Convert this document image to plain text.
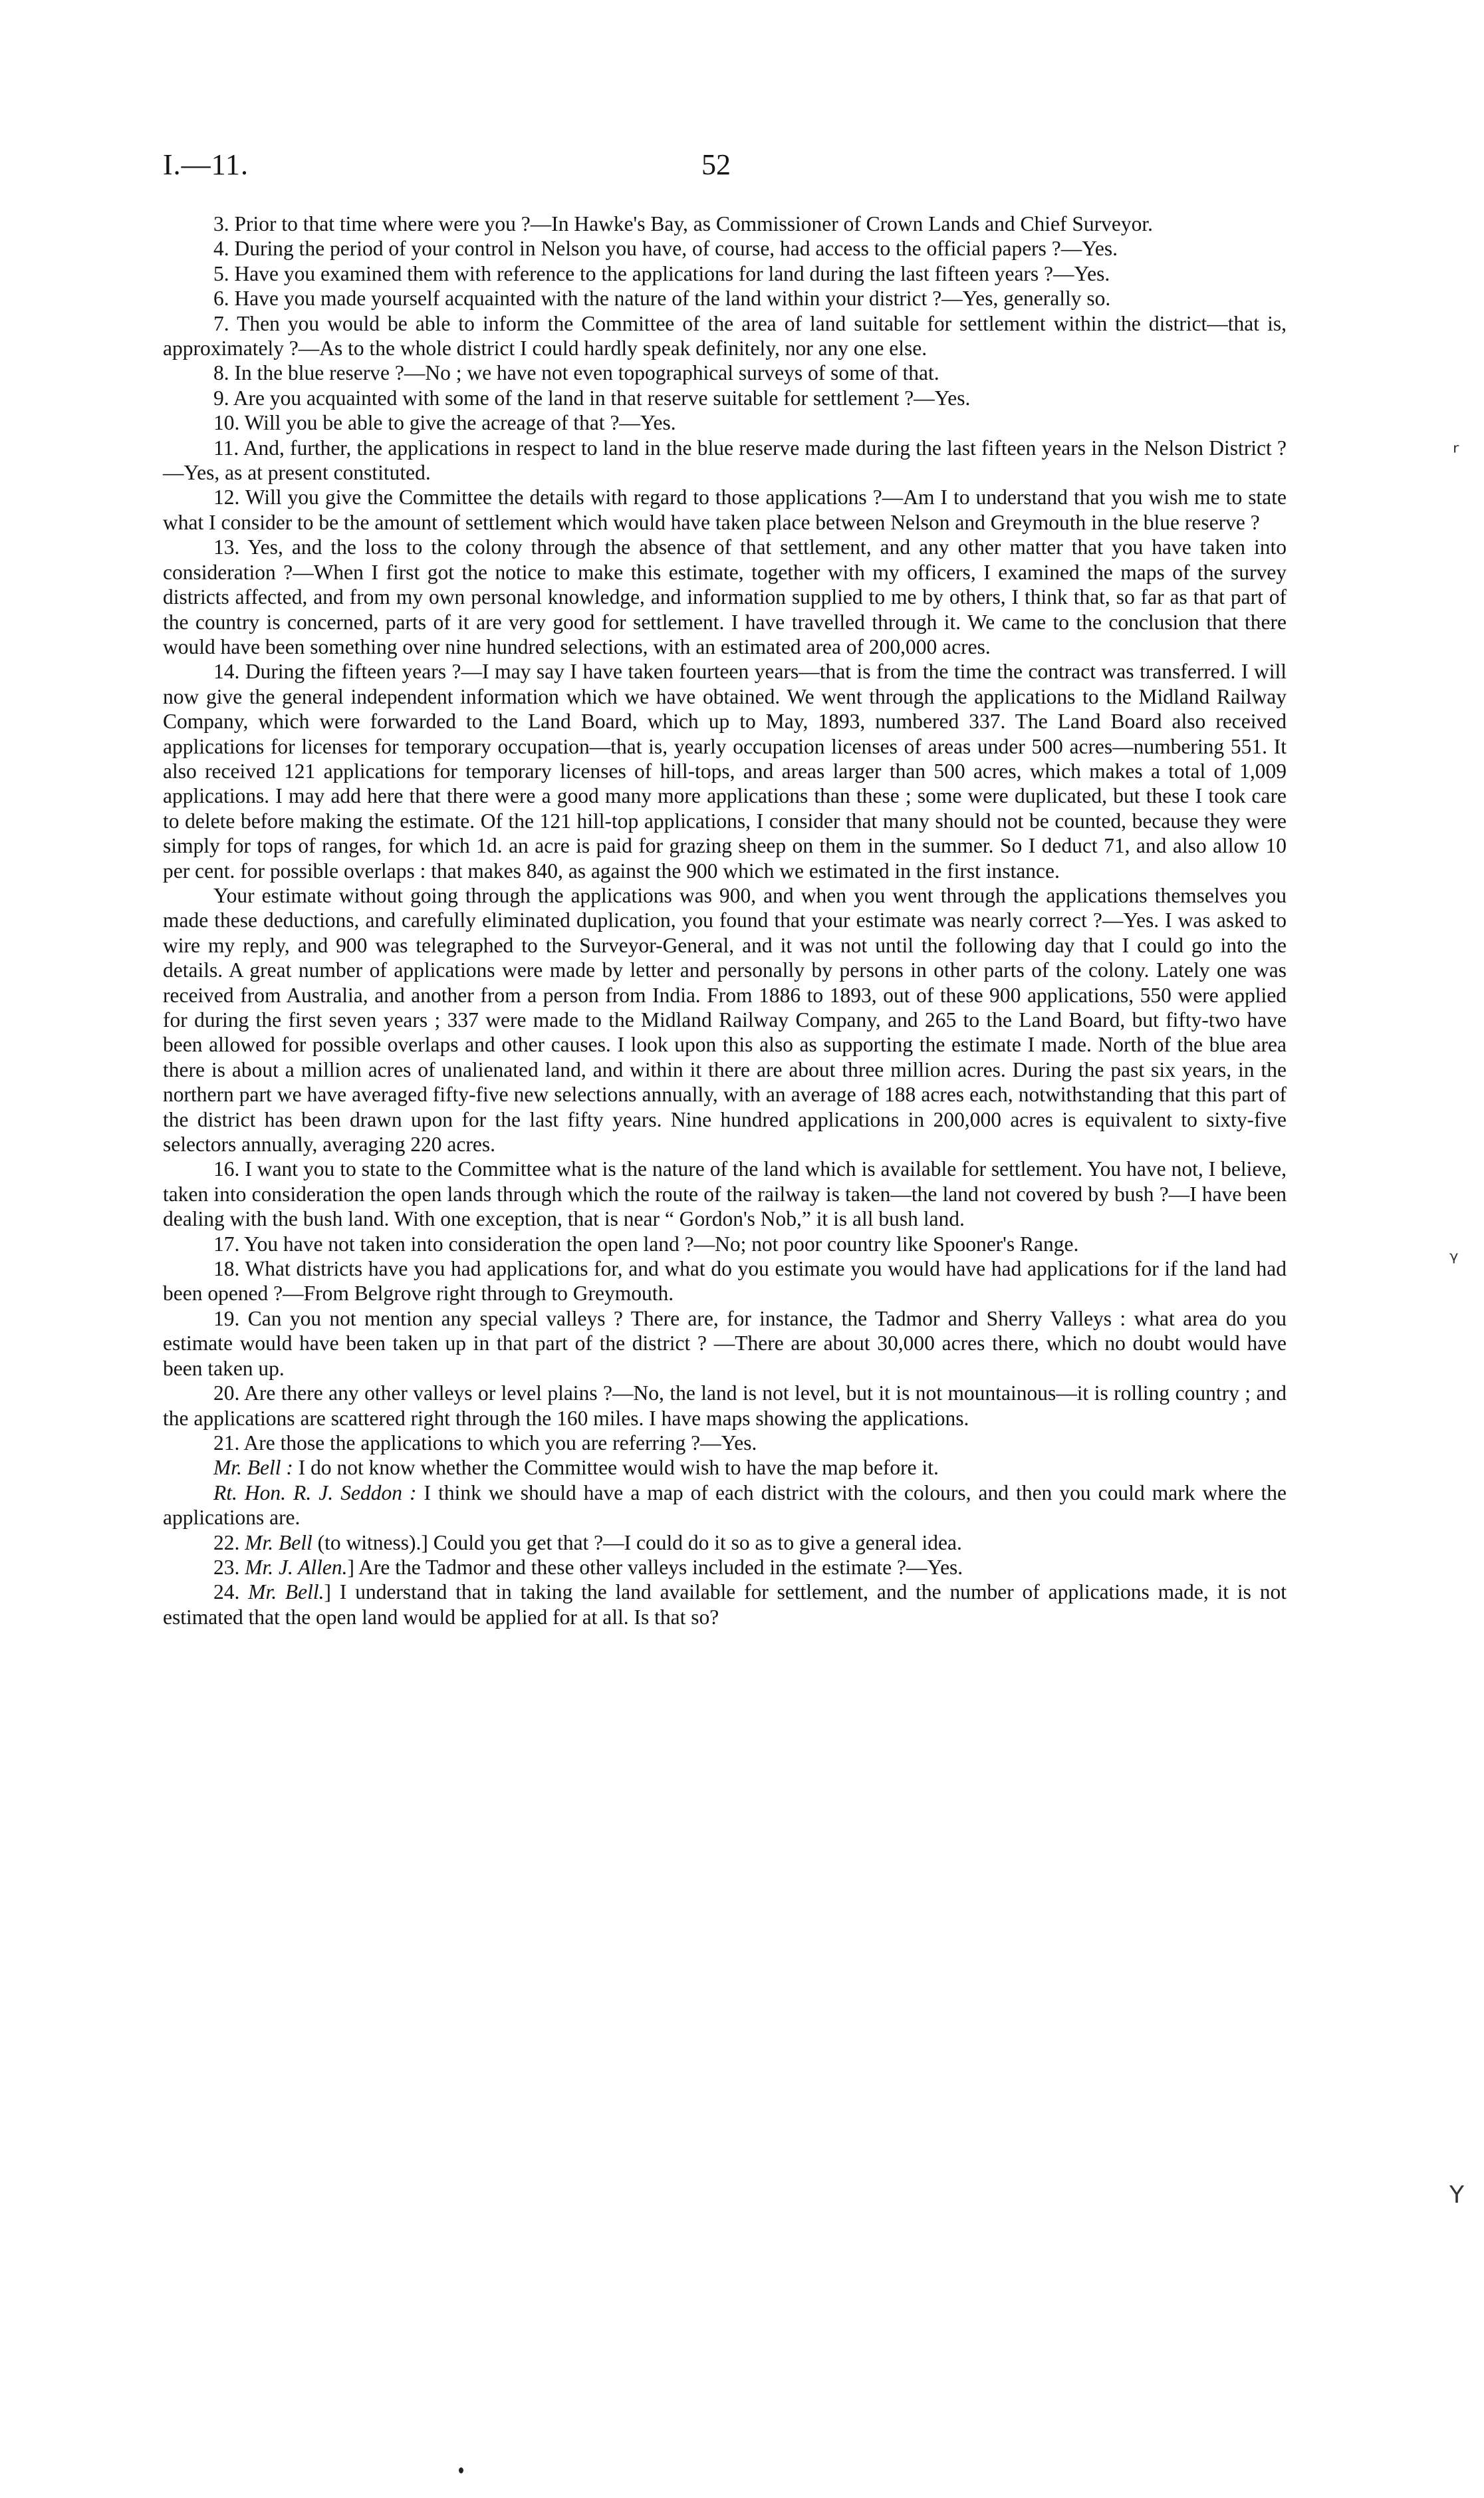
I.—11.	52

3. Prior to that time where were you ?—In Hawke's Bay, as Commissioner of Crown Lands and Chief Surveyor.

4. During the period of your control in Nelson you have, of course, had access to the official papers ?—Yes.

5. Have you examined them with reference to the applications for land during the last fifteen years ?—Yes.

6. Have you made yourself acquainted with the nature of the land within your district ?—Yes, generally so.

7. Then you would be able to inform the Committee of the area of land suitable for settlement within the district—that is, approximately ?—As to the whole district I could hardly speak definitely, nor any one else.

8. In the blue reserve ?—No ; we have not even topographical surveys of some of that.

9. Are you acquainted with some of the land in that reserve suitable for settlement ?—Yes.

10. Will you be able to give the acreage of that ?—Yes.

11. And, further, the applications in respect to land in the blue reserve made during the last fifteen years in the Nelson District ?—Yes, as at present constituted.

12. Will you give the Committee the details with regard to those applications ?—Am I to understand that you wish me to state what I consider to be the amount of settlement which would have taken place between Nelson and Greymouth in the blue reserve ?

13. Yes, and the loss to the colony through the absence of that settlement, and any other matter that you have taken into consideration ?—When I first got the notice to make this estimate, together with my officers, I examined the maps of the survey districts affected, and from my own personal knowledge, and information supplied to me by others, I think that, so far as that part of the country is concerned, parts of it are very good for settlement. I have travelled through it. We came to the conclusion that there would have been something over nine hundred selections, with an estimated area of 200,000 acres.

14. During the fifteen years ?—I may say I have taken fourteen years—that is from the time the contract was transferred. I will now give the general independent information which we have obtained. We went through the applications to the Midland Railway Company, which were forwarded to the Land Board, which up to May, 1893, numbered 337. The Land Board also received applications for licenses for temporary occupation—that is, yearly occupation licenses of areas under 500 acres—numbering 551. It also received 121 applications for temporary licenses of hill-tops, and areas larger than 500 acres, which makes a total of 1,009 applications. I may add here that there were a good many more applications than these ; some were duplicated, but these I took care to delete before making the estimate. Of the 121 hill-top applications, I consider that many should not be counted, because they were simply for tops of ranges, for which 1d. an acre is paid for grazing sheep on them in the summer. So I deduct 71, and also allow 10 per cent. for possible overlaps : that makes 840, as against the 900 which we estimated in the first instance.

Your estimate without going through the applications was 900, and when you went through the applications themselves you made these deductions, and carefully eliminated duplication, you found that your estimate was nearly correct ?—Yes. I was asked to wire my reply, and 900 was telegraphed to the Surveyor-General, and it was not until the following day that I could go into the details. A great number of applications were made by letter and personally by persons in other parts of the colony. Lately one was received from Australia, and another from a person from India. From 1886 to 1893, out of these 900 applications, 550 were applied for during the first seven years ; 337 were made to the Midland Railway Company, and 265 to the Land Board, but fifty-two have been allowed for possible overlaps and other causes. I look upon this also as supporting the estimate I made. North of the blue area there is about a million acres of unalienated land, and within it there are about three million acres. During the past six years, in the northern part we have averaged fifty-five new selections annually, with an average of 188 acres each, notwithstanding that this part of the district has been drawn upon for the last fifty years. Nine hundred applications in 200,000 acres is equivalent to sixty-five selectors annually, averaging 220 acres.

16. I want you to state to the Committee what is the nature of the land which is available for settlement. You have not, I believe, taken into consideration the open lands through which the route of the railway is taken—the land not covered by bush ?—I have been dealing with the bush land. With one exception, that is near “ Gordon's Nob,” it is all bush land.

17. You have not taken into consideration the open land ?—No; not poor country like Spooner's Range.

18. What districts have you had applications for, and what do you estimate you would have had applications for if the land had been opened ?—From Belgrove right through to Greymouth.

19. Can you not mention any special valleys ? There are, for instance, the Tadmor and Sherry Valleys : what area do you estimate would have been taken up in that part of the district ? —There are about 30,000 acres there, which no doubt would have been taken up.

20. Are there any other valleys or level plains ?—No, the land is not level, but it is not mountainous—it is rolling country ; and the applications are scattered right through the 160 miles. I have maps showing the applications.

21. Are those the applications to which you are referring ?—Yes.

Mr. Bell : I do not know whether the Committee would wish to have the map before it.

Rt. Hon. R. J. Seddon : I think we should have a map of each district with the colours, and then you could mark where the applications are.

22. Mr. Bell (to witness).] Could you get that ?—I could do it so as to give a general idea.

23. Mr. J. Allen.] Are the Tadmor and these other valleys included in the estimate ?—Yes.

24. Mr. Bell.] I understand that in taking the land available for settlement, and the number of applications made, it is not estimated that the open land would be applied for at all. Is that so?

ʳ
ᵞ
Y
